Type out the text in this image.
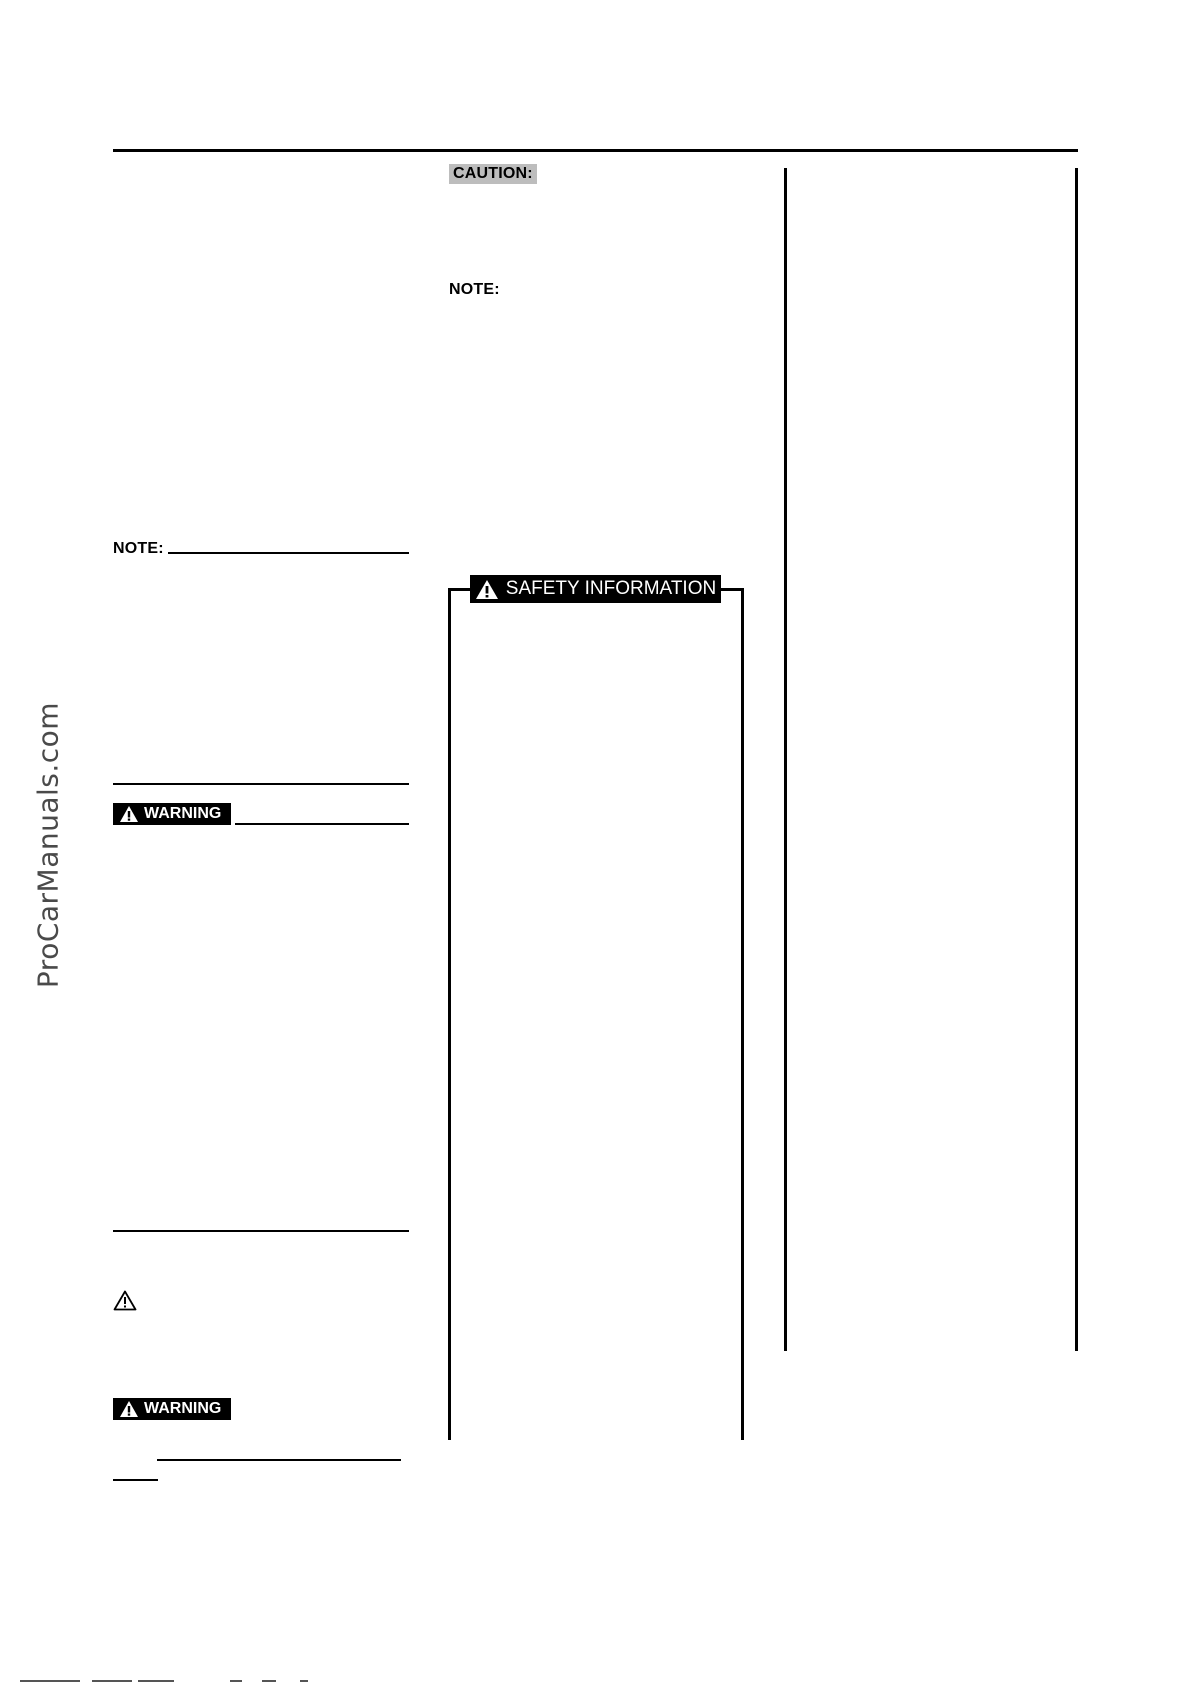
CAUTION:
NOTE:
SAFETY INFORMATION
NOTE:
WARNING
WARNING
ProCarManuals.com
